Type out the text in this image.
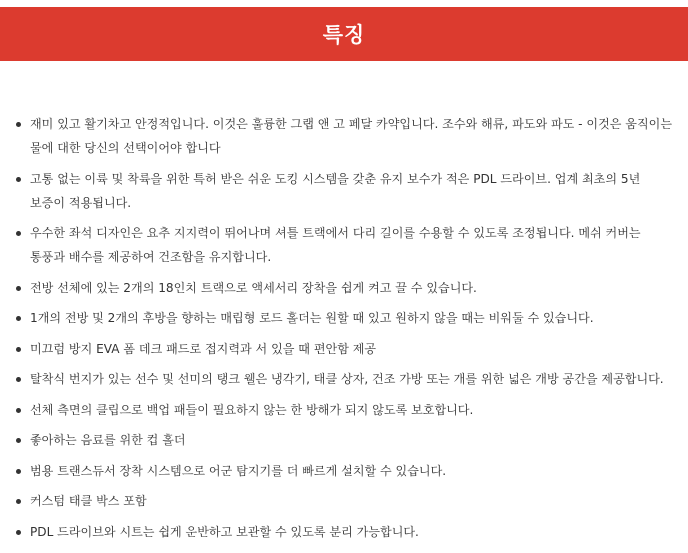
특징
재미 있고 활기차고 안정적입니다. 이것은 훌륭한 그랩 앤 고 페달 카약입니다. 조수와 해류, 파도와 파도 - 이것은 움직이는 물에 대한 당신의 선택이어야 합니다
고통 없는 이륙 및 착륙을 위한 특허 받은 쉬운 도킹 시스템을 갖춘 유지 보수가 적은 PDL 드라이브. 업계 최초의 5년 보증이 적용됩니다.
우수한 좌석 디자인은 요추 지지력이 뛰어나며 셔틀 트랙에서 다리 길이를 수용할 수 있도록 조정됩니다. 메쉬 커버는 통풍과 배수를 제공하여 건조함을 유지합니다.
전방 선체에 있는 2개의 18인치 트랙으로 액세서리 장착을 쉽게 켜고 끌 수 있습니다.
1개의 전방 및 2개의 후방을 향하는 매립형 로드 홀더는 원할 때 있고 원하지 않을 때는 비워둘 수 있습니다.
미끄럼 방지 EVA 폼 데크 패드로 접지력과 서 있을 때 편안함 제공
탈착식 번지가 있는 선수 및 선미의 탱크 웰은 냉각기, 태클 상자, 건조 가방 또는 개를 위한 넓은 개방 공간을 제공합니다.
선체 측면의 클립으로 백업 패들이 필요하지 않는 한 방해가 되지 않도록 보호합니다.
좋아하는 음료를 위한 컵 홀더
범용 트랜스듀서 장착 시스템으로 어군 탐지기를 더 빠르게 설치할 수 있습니다.
커스텀 태클 박스 포함
PDL 드라이브와 시트는 쉽게 운반하고 보관할 수 있도록 분리 가능합니다.
